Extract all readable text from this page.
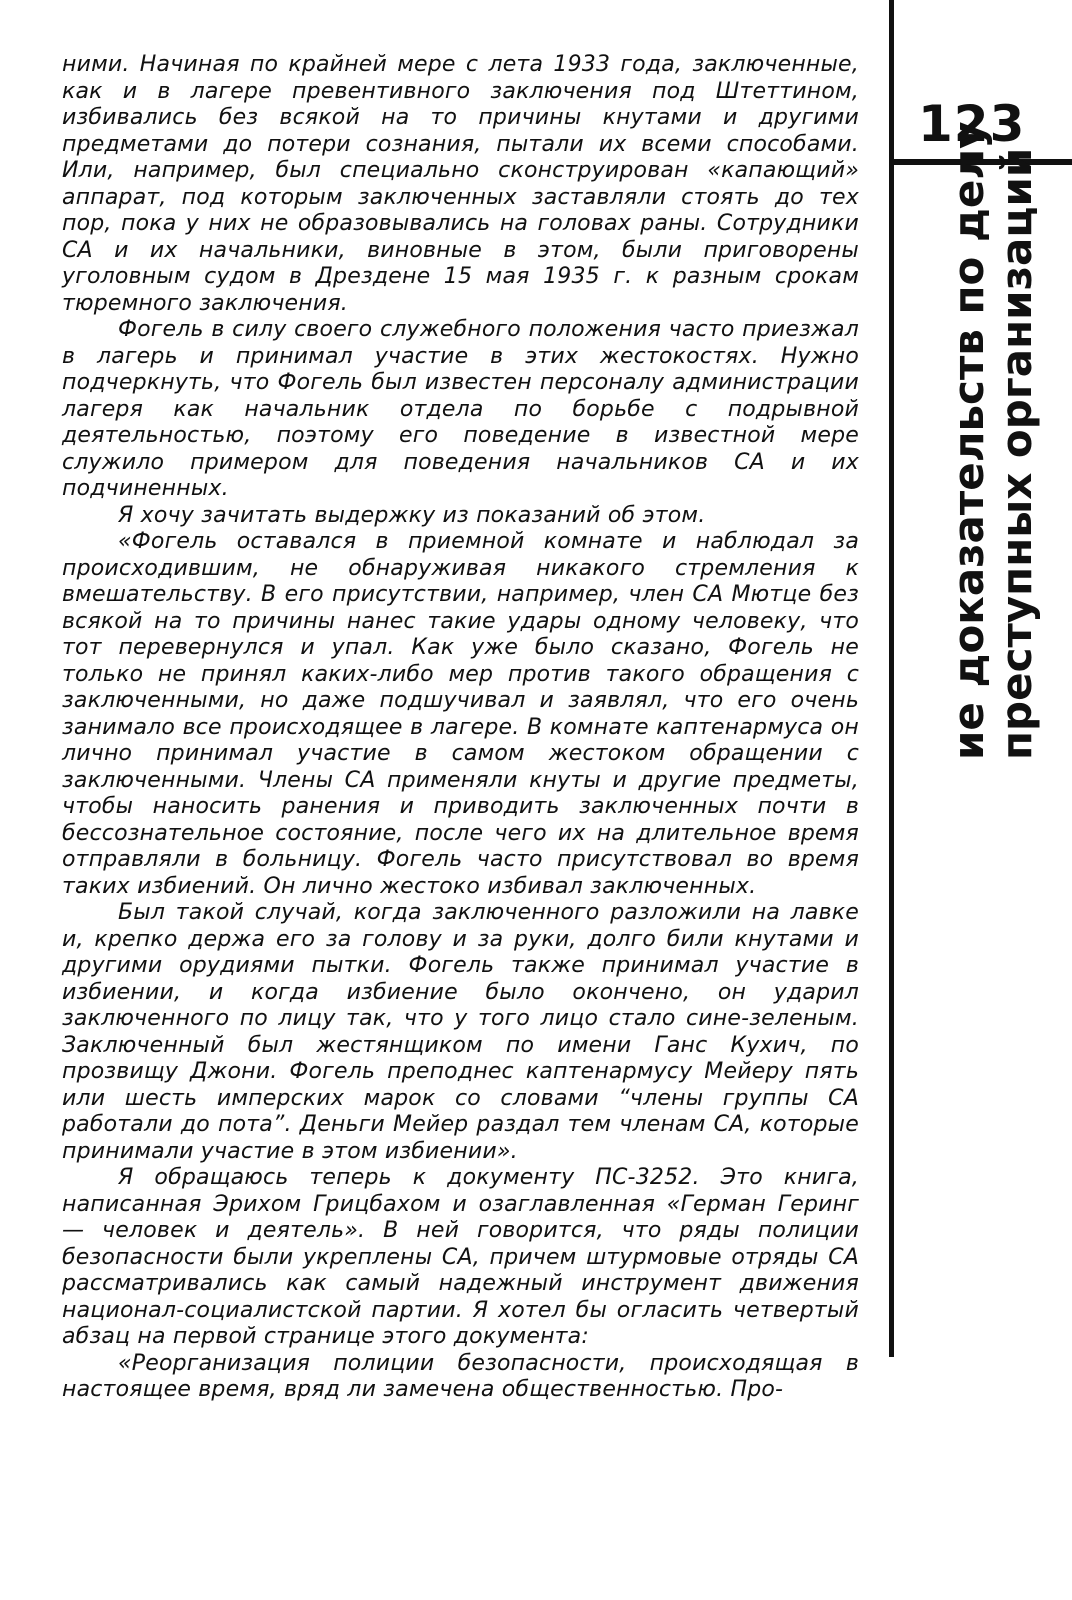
ними. Начиная по крайней мере с лета 1933 года, заключенные, как и в лагере превентивного заключения под Штеттином, избивались без всякой на то причины кнутами и другими предметами до потери сознания, пытали их всеми способами. Или, например, был специально сконструирован «капающий» аппарат, под которым заключенных заставляли стоять до тех пор, пока у них не образовывались на головах раны. Сотрудники СА и их начальники, виновные в этом, были приговорены уголовным судом в Дрездене 15 мая 1935 г. к разным срокам тюремного заключения.

Фогель в силу своего служебного положения часто приезжал в лагерь и принимал участие в этих жестокостях. Нужно подчеркнуть, что Фогель был известен персоналу администрации лагеря как начальник отдела по борьбе с подрывной деятельностью, поэтому его поведение в известной мере служило примером для поведения начальников СА и их подчиненных.

Я хочу зачитать выдержку из показаний об этом.

«Фогель оставался в приемной комнате и наблюдал за происходившим, не обнаруживая никакого стремления к вмешательству. В его присутствии, например, член СА Мютце без всякой на то причины нанес такие удары одному человеку, что тот перевернулся и упал. Как уже было сказано, Фогель не только не принял каких-либо мер против такого обращения с заключенными, но даже подшучивал и заявлял, что его очень занимало все происходящее в лагере. В комнате каптенармуса он лично принимал участие в самом жестоком обращении с заключенными. Члены СА применяли кнуты и другие предметы, чтобы наносить ранения и приводить заключенных почти в бессознательное состояние, после чего их на длительное время отправляли в больницу. Фогель часто присутствовал во время таких избиений. Он лично жестоко избивал заключенных.

Был такой случай, когда заключенного разложили на лавке и, крепко держа его за голову и за руки, долго били кнутами и другими орудиями пытки. Фогель также принимал участие в избиении, и когда избиение было окончено, он ударил заключенного по лицу так, что у того лицо стало сине-зеленым. Заключенный был жестянщиком по имени Ганс Кухич, по прозвищу Джони. Фогель преподнес каптенармусу Мейеру пять или шесть имперских марок со словами “члены группы СА работали до пота”. Деньги Мейер раздал тем членам СА, которые принимали участие в этом избиении».

Я обращаюсь теперь к документу ПС-3252. Это книга, написанная Эрихом Грицбахом и озаглавленная «Герман Геринг — человек и деятель». В ней говорится, что ряды полиции безопасности были укреплены СА, причем штурмовые отряды СА рассматривались как самый надежный инструмент движения национал-социалистской партии. Я хотел бы огласить четвертый абзац на первой странице этого документа:

«Реорганизация полиции безопасности, происходящая в настоящее время, вряд ли замечена общественностью. Про-

123
ие доказательств по делу преступных организаций
